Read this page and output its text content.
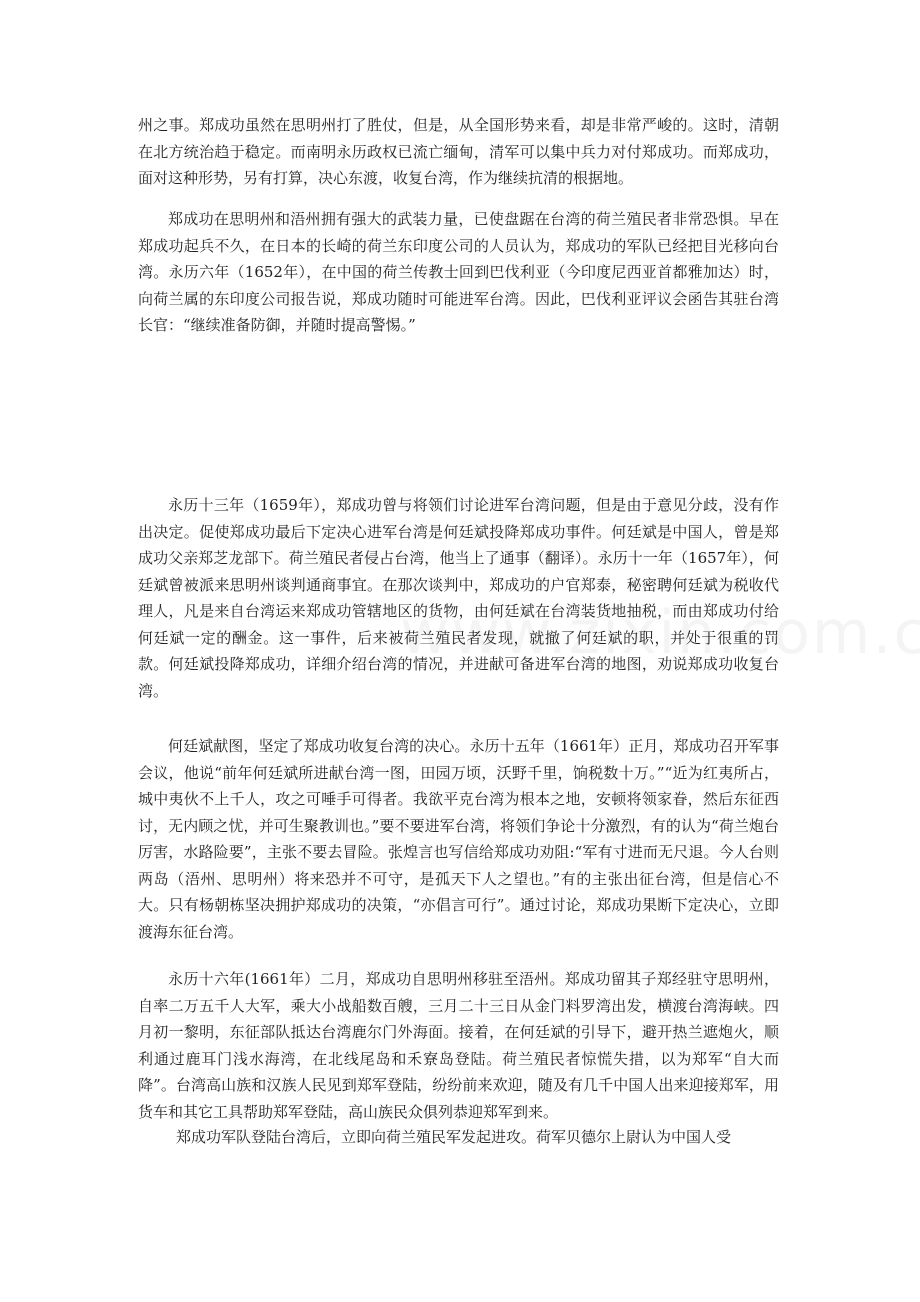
州之事。郑成功虽然在思明州打了胜仗，但是，从全国形势来看，却是非常严峻的。这时，清朝在北方统治趋于稳定。而南明永历政权已流亡缅甸，清军可以集中兵力对付郑成功。而郑成功，面对这种形势，另有打算，决心东渡，收复台湾，作为继续抗清的根据地。

郑成功在思明州和浯州拥有强大的武装力量，已使盘踞在台湾的荷兰殖民者非常恐惧。早在郑成功起兵不久，在日本的长崎的荷兰东印度公司的人员认为，郑成功的军队已经把目光移向台湾。永历六年（1652年），在中国的荷兰传教士回到巴伐利亚（今印度尼西亚首都雅加达）时，向荷兰属的东印度公司报告说，郑成功随时可能进军台湾。因此，巴伐利亚评议会函告其驻台湾长官：“继续准备防御，并随时提高警惕。”

永历十三年（1659年），郑成功曾与将领们讨论进军台湾问题，但是由于意见分歧，没有作出决定。促使郑成功最后下定决心进军台湾是何廷斌投降郑成功事件。何廷斌是中国人，曾是郑成功父亲郑芝龙部下。荷兰殖民者侵占台湾，他当上了通事（翻译）。永历十一年（1657年），何廷斌曾被派来思明州谈判通商事宜。在那次谈判中，郑成功的户官郑泰，秘密聘何廷斌为税收代理人，凡是来自台湾运来郑成功管辖地区的货物，由何廷斌在台湾装货地抽税，而由郑成功付给何廷斌一定的酬金。这一事件，后来被荷兰殖民者发现，就撤了何廷斌的职，并处于很重的罚款。何廷斌投降郑成功，详细介绍台湾的情况，并进献可备进军台湾的地图，劝说郑成功收复台湾。

何廷斌献图，坚定了郑成功收复台湾的决心。永历十五年（1661年）正月，郑成功召开军事会议，他说“前年何廷斌所进献台湾一图，田园万顷，沃野千里，饷税数十万。”“近为红夷所占，城中夷伙不上千人，攻之可唾手可得者。我欲平克台湾为根本之地，安顿将领家眷，然后东征西讨，无内顾之忧，并可生聚教训也。”要不要进军台湾，将领们争论十分激烈，有的认为“荷兰炮台厉害，水路险要”，主张不要去冒险。张煌言也写信给郑成功劝阻:“军有寸进而无尺退。今人台则两岛（浯州、思明州）将来恐并不可守，是孤天下人之望也。”有的主张出征台湾，但是信心不大。只有杨朝栋坚决拥护郑成功的决策，“亦倡言可行”。通过讨论，郑成功果断下定决心，立即渡海东征台湾。

永历十六年(1661年）二月，郑成功自思明州移驻至浯州。郑成功留其子郑经驻守思明州，自率二万五千人大军，乘大小战船数百艘，三月二十三日从金门料罗湾出发，横渡台湾海峡。四月初一黎明，东征部队抵达台湾鹿尔门外海面。接着，在何廷斌的引导下，避开热兰遮炮火，顺利通过鹿耳门浅水海湾，在北线尾岛和禾寮岛登陆。荷兰殖民者惊慌失措，以为郑军“自大而降”。台湾高山族和汉族人民见到郑军登陆，纷纷前来欢迎，随及有几千中国人出来迎接郑军，用货车和其它工具帮助郑军登陆，高山族民众俱列恭迎郑军到来。

郑成功军队登陆台湾后，立即向荷兰殖民军发起进攻。荷军贝德尔上尉认为中国人受
